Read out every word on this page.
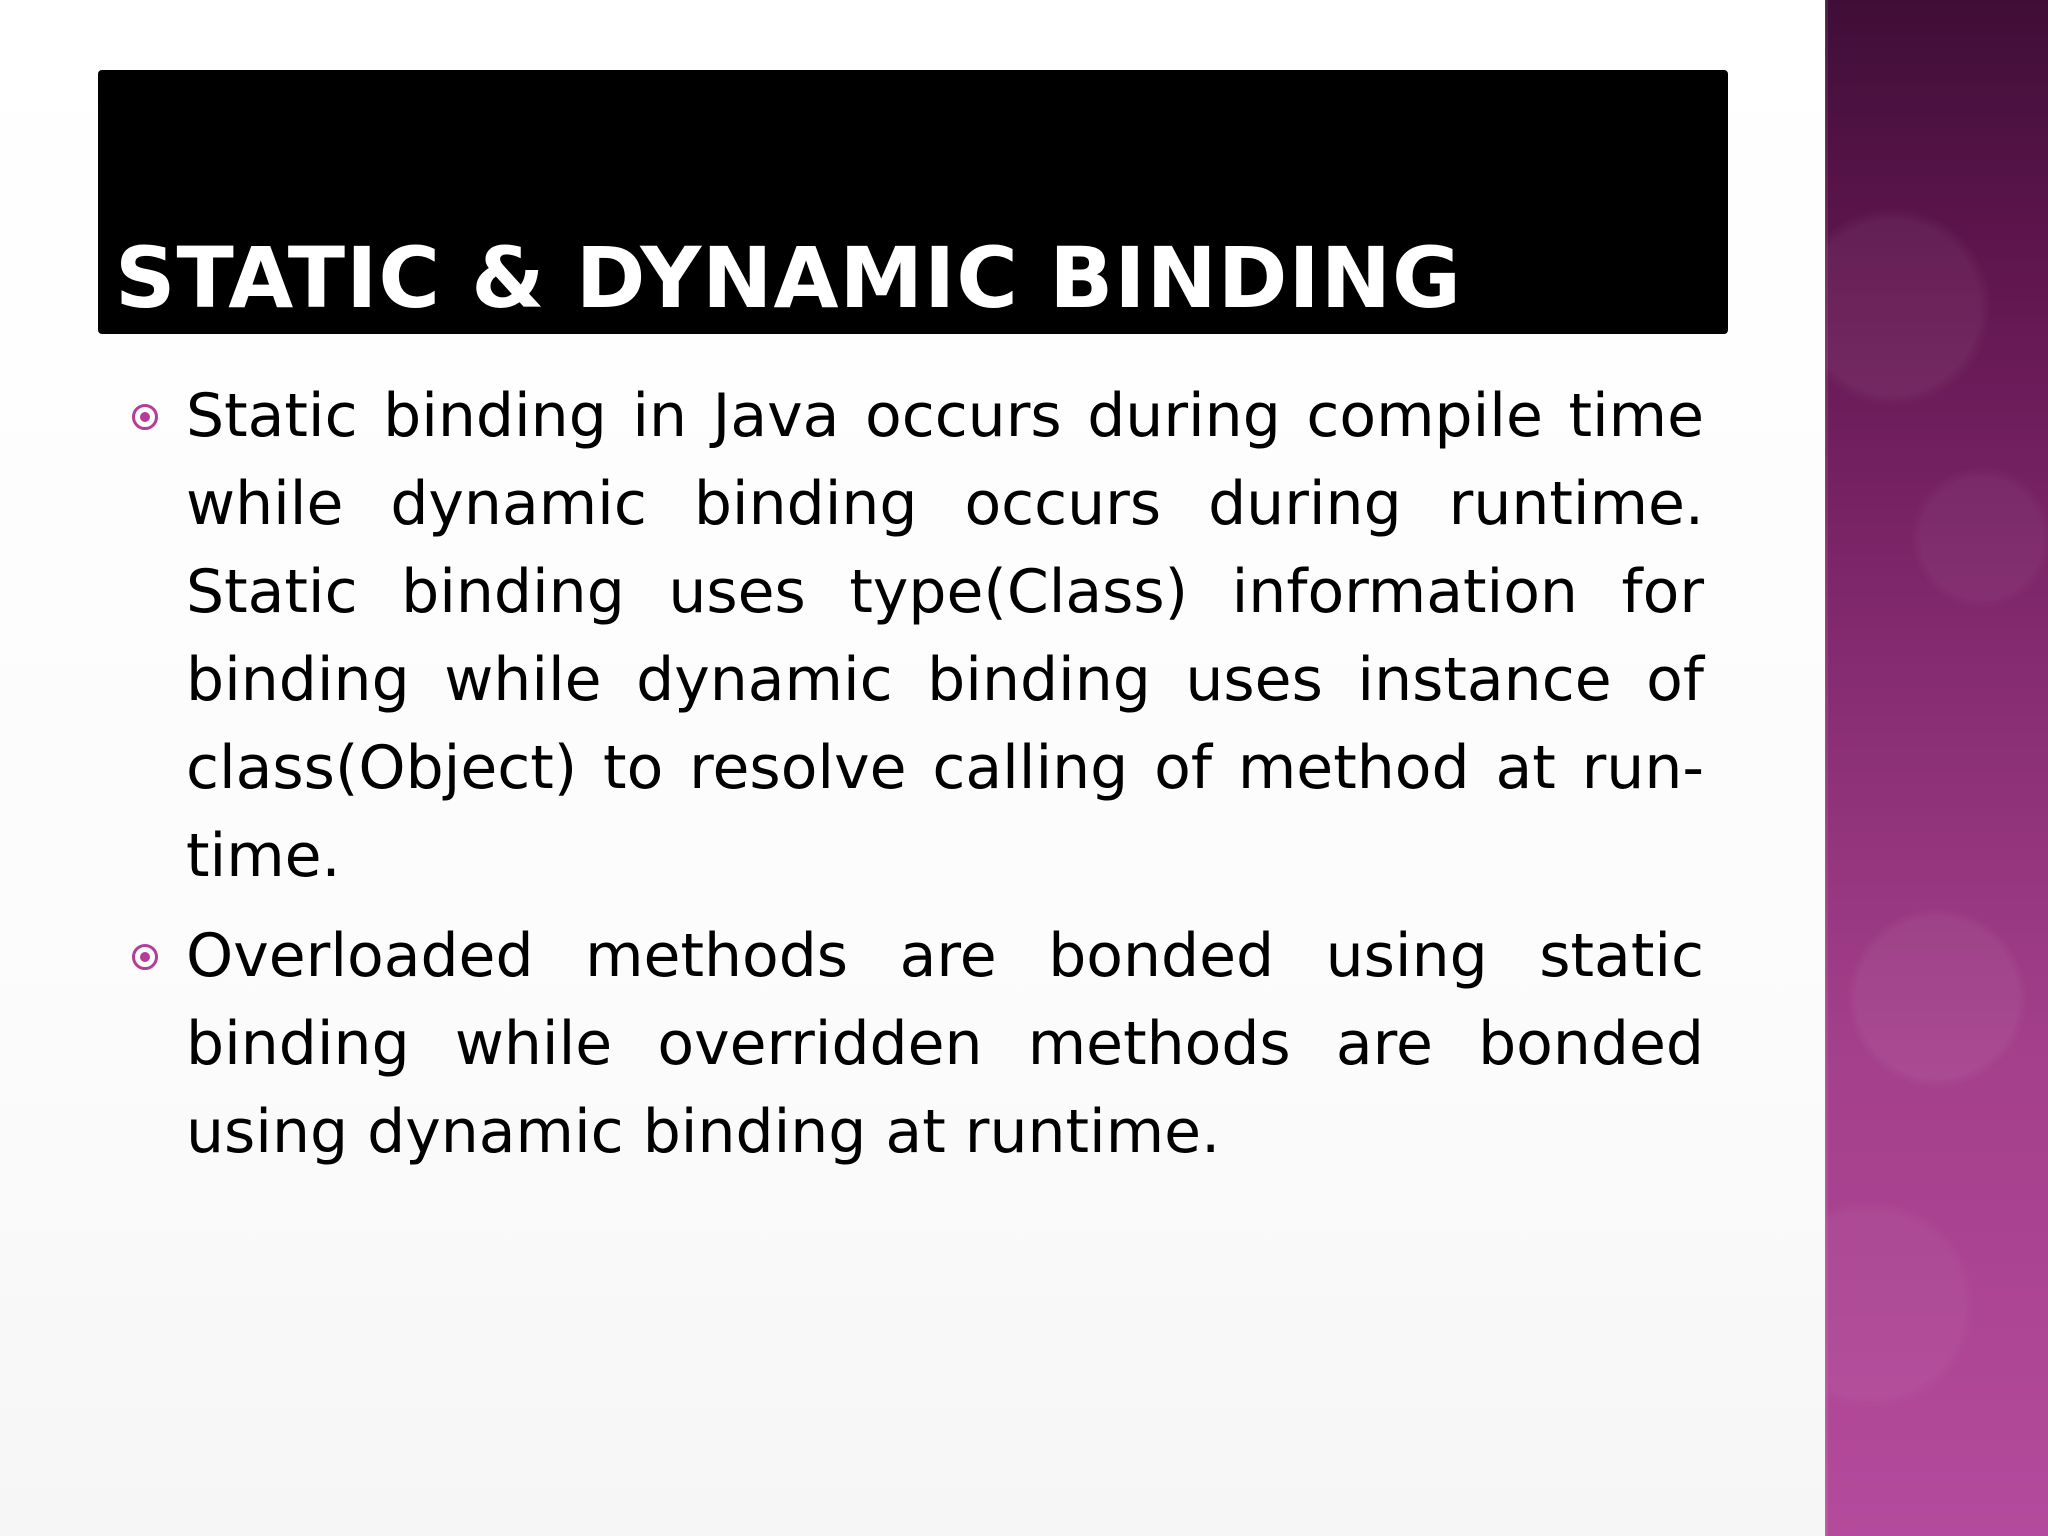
STATIC & DYNAMIC BINDING

Static binding in Java occurs during compile time while dynamic binding occurs during runtime. Static binding uses type(Class) information for binding while dynamic binding uses instance of class(Object) to resolve calling of method at run-time.

Overloaded methods are bonded using static binding while overridden methods are bonded using dynamic binding at runtime.
